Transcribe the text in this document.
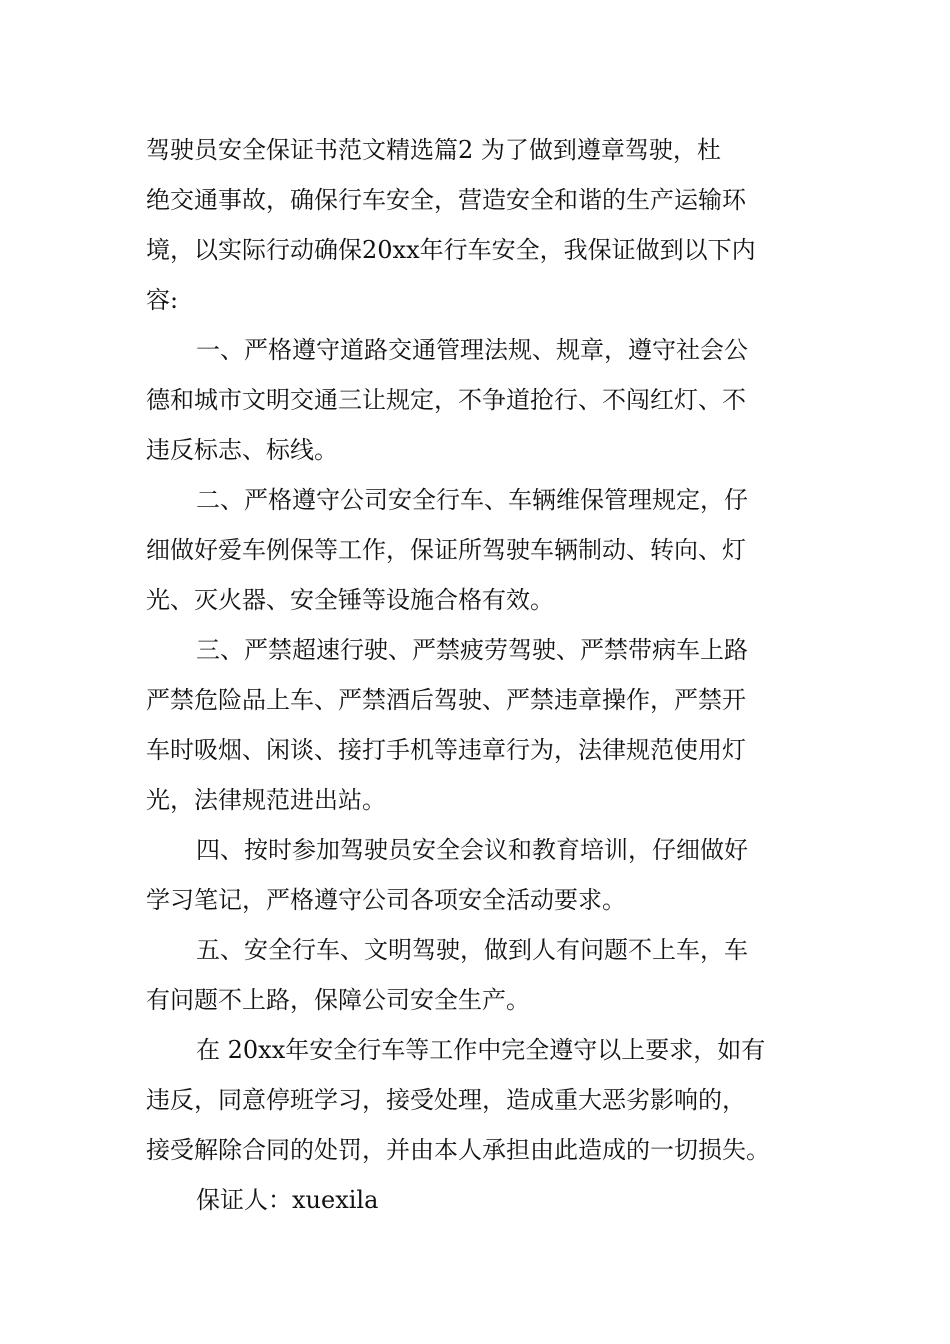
驾驶员安全保证书范文精选篇2 为了做到遵章驾驶，杜
绝交通事故，确保行车安全，营造安全和谐的生产运输环
境，以实际行动确保20xx年行车安全，我保证做到以下内
容:
一、严格遵守道路交通管理法规、规章，遵守社会公
德和城市文明交通三让规定，不争道抢行、不闯红灯、不
违反标志、标线。
二、严格遵守公司安全行车、车辆维保管理规定，仔
细做好爱车例保等工作，保证所驾驶车辆制动、转向、灯
光、灭火器、安全锤等设施合格有效。
三、严禁超速行驶、严禁疲劳驾驶、严禁带病车上路
严禁危险品上车、严禁酒后驾驶、严禁违章操作，严禁开
车时吸烟、闲谈、接打手机等违章行为，法律规范使用灯
光，法律规范进出站。
四、按时参加驾驶员安全会议和教育培训，仔细做好
学习笔记，严格遵守公司各项安全活动要求。
五、安全行车、文明驾驶，做到人有问题不上车，车
有问题不上路，保障公司安全生产。
在 20xx年安全行车等工作中完全遵守以上要求，如有
违反，同意停班学习，接受处理，造成重大恶劣影响的，
接受解除合同的处罚，并由本人承担由此造成的一切损失。
保证人：xuexila
